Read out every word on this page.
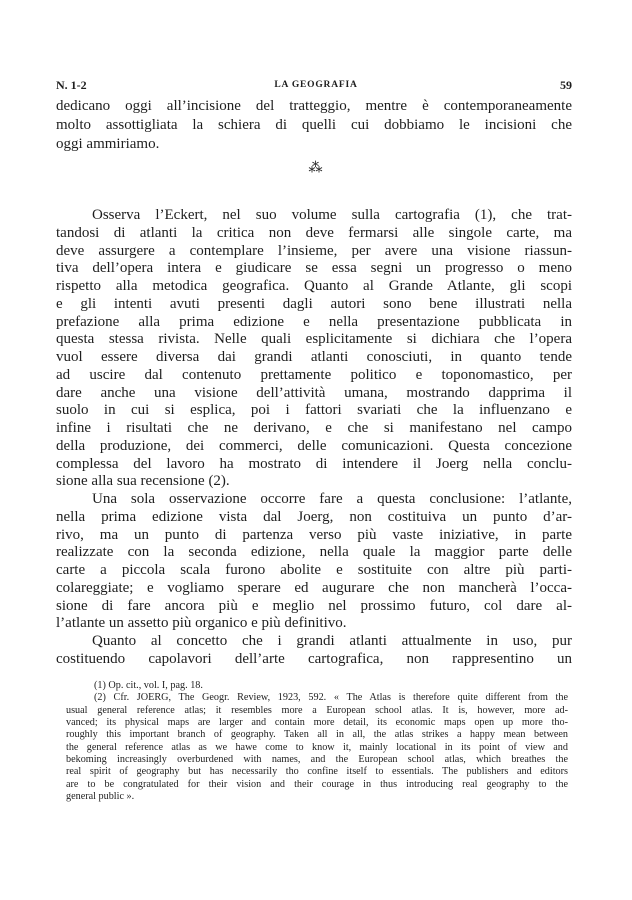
N. 1-2	LA GEOGRAFIA	59
⁂
dedicano oggi all’incisione del tratteggio, mentre è contemporaneamente
molto assottigliata la schiera di quelli cui dobbiamo le incisioni che
oggi ammiriamo.
Osserva l’Eckert, nel suo volume sulla cartografia (1), che trat-
tandosi di atlanti la critica non deve fermarsi alle singole carte, ma
deve assurgere a contemplare l’insieme, per avere una visione riassun-
tiva dell’opera intera e giudicare se essa segni un progresso o meno
rispetto alla metodica geografica. Quanto al Grande Atlante, gli scopi
e gli intenti avuti presenti dagli autori sono bene illustrati nella
prefazione alla prima edizione e nella presentazione pubblicata in
questa stessa rivista. Nelle quali esplicitamente si dichiara che l’opera
vuol essere diversa dai grandi atlanti conosciuti, in quanto tende
ad uscire dal contenuto prettamente politico e toponomastico, per
dare anche una visione dell’attività umana, mostrando dapprima il
suolo in cui si esplica, poi i fattori svariati che la influenzano e
infine i risultati che ne derivano, e che si manifestano nel campo
della produzione, dei commerci, delle comunicazioni. Questa concezione
complessa del lavoro ha mostrato di intendere il Joerg nella conclu-
sione alla sua recensione (2).
Una sola osservazione occorre fare a questa conclusione: l’atlante,
nella prima edizione vista dal Joerg, non costituiva un punto d’ar-
rivo, ma un punto di partenza verso più vaste iniziative, in parte
realizzate con la seconda edizione, nella quale la maggior parte delle
carte a piccola scala furono abolite e sostituite con altre più parti-
colareggiate; e vogliamo sperare ed augurare che non mancherà l’occa-
sione di fare ancora più e meglio nel prossimo futuro, col dare al-
l’atlante un assetto più organico e più definitivo.
Quanto al concetto che i grandi atlanti attualmente in uso, pur
costituendo capolavori dell’arte cartografica, non rappresentino un
(1) Op. cit., vol. I, pag. 18.
(2) Cfr. JOERG, The Geogr. Review, 1923, 592. « The Atlas is therefore quite different from the
usual general reference atlas; it resembles more a European school atlas. It is, however, more ad-
vanced; its physical maps are larger and contain more detail, its economic maps open up more tho-
roughly this important branch of geography. Taken all in all, the atlas strikes a happy mean between
the general reference atlas as we hawe come to know it, mainly locational in its point of view and
bekoming increasingly overburdened with names, and the European school atlas, which breathes the
real spirit of geography but has necessarily tho confine itself to essentials. The publishers and editors
are to be congratulated for their vision and their courage in thus introducing real geography to the
general public ».
